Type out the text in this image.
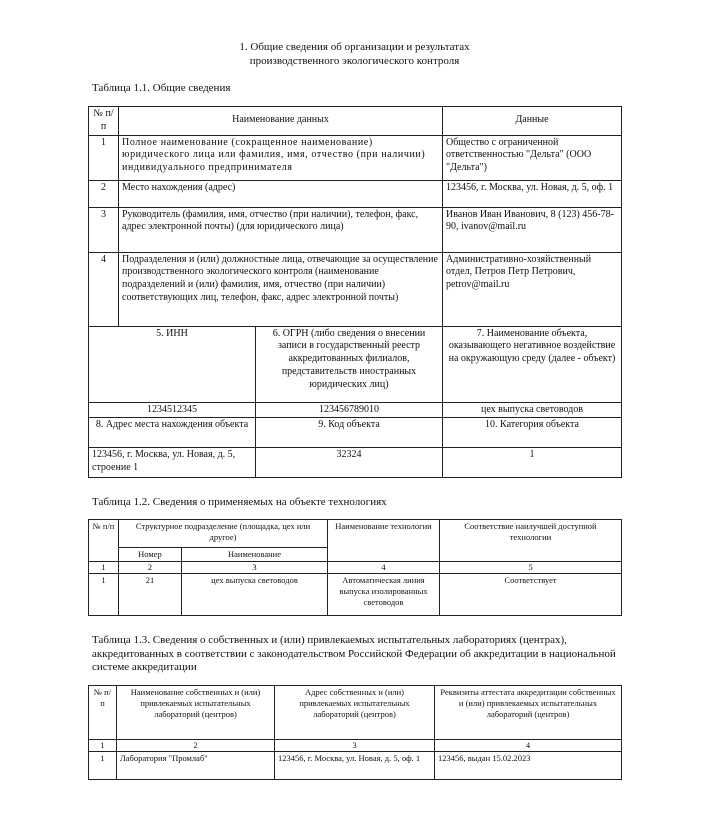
1. Общие сведения об организации и результатах
производственного экологического контроля
Таблица 1.1. Общие сведения
№ п/п	Наименование данных		Данные
1	Полное наименование (сокращенное наименование) юридического лица или фамилия, имя, отчество (при наличии) индивидуального предпринимателя		Общество с ограниченной ответственностью "Дельта" (ООО "Дельта")
2	Место нахождения (адрес)		123456, г. Москва, ул. Новая, д. 5, оф. 1
3	Руководитель (фамилия, имя, отчество (при наличии), телефон, факс, адрес электронной почты) (для юридического лица)		Иванов Иван Иванович, 8 (123) 456-78-90, ivanov@mail.ru
4	Подразделения и (или) должностные лица, отвечающие за осуществление производственного экологического контроля (наименование подразделений и (или) фамилия, имя, отчество (при наличии) соответствующих лиц, телефон, факс, адрес электронной почты)		Административно-хозяйственный отдел, Петров Петр Петрович, petrov@mail.ru
5. ИНН		6. ОГРН (либо сведения о внесении записи в государственный реестр аккредитованных филиалов, представительств иностранных юридических лиц)	7. Наименование объекта, оказывающего негативное воздействие на окружающую среду (далее - объект)
1234512345		123456789010	цех выпуска световодов
8. Адрес места нахождения объекта		9. Код объекта	10. Категория объекта
123456, г. Москва, ул. Новая, д. 5, строение 1		32324	1
Таблица 1.2. Сведения о применяемых на объекте технологиях
№ п/п	Структурное подразделение (площадка, цех или другое)		Наименование технологии	Соответствие наилучшей доступной технологии
	Номер	Наименование		
1	2	3	4	5
1	21	цех выпуска световодов	Автоматическая линия выпуска изолированных световодов	Соответствует
Таблица 1.3. Сведения о собственных и (или) привлекаемых испытательных лабораториях (центрах), аккредитованных в соответствии с законодательством Российской Федерации об аккредитации в национальной системе аккредитации
№ п/п	Наименование собственных и (или) привлекаемых испытательных лабораторий (центров)	Адрес собственных и (или) привлекаемых испытательных лабораторий (центров)	Реквизиты аттестата аккредитации собственных и (или) привлекаемых испытательных лабораторий (центров)
1	2	3	4
1	Лаборатория "Промлаб"	123456, г. Москва, ул. Новая, д. 5, оф. 1	123456, выдан 15.02.2023
